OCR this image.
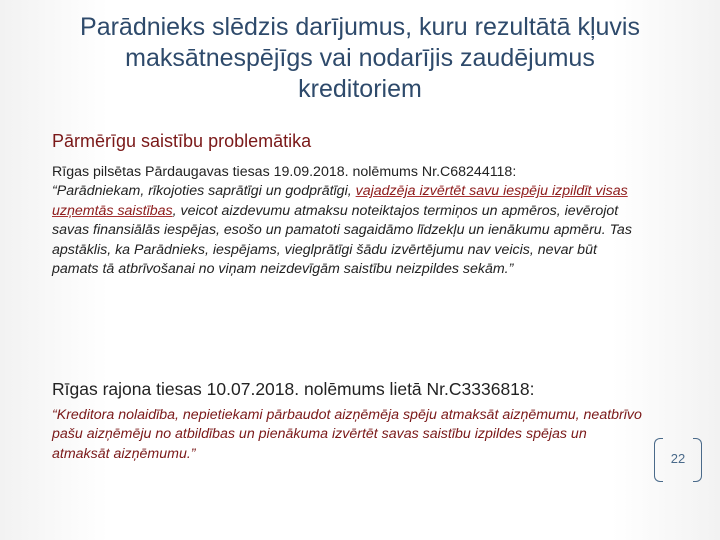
Parādnieks slēdzis darījumus, kuru rezultātā kļuvis maksātnespējīgs vai nodarījis zaudējumus kreditoriem
Pārmērīgu saistību problemātika
Rīgas pilsētas Pārdaugavas tiesas 19.09.2018. nolēmums Nr.C68244118:
“Parādniekam, rīkojoties saprātīgi un godprātīgi, vajadzēja izvērtēt savu iespēju izpildīt visas uzņemtās saistības, veicot aizdevumu atmaksu noteiktajos termiņos un apmēros, ievērojot savas finansiālās iespējas, esošo un pamatoti sagaidāmo līdzekļu un ienākumu apmēru. Tas apstāklis, ka Parādnieks, iespējams, vieglprātīgi šādu izvērtējumu nav veicis, nevar būt pamats tā atbrīvošanai no viņam neizdevīgām saistību neizpildes sekām.”
Rīgas rajona tiesas 10.07.2018. nolēmums lietā Nr.C3336818:
“Kreditora nolaidība, nepietiekami pārbaudot aizņēmēja spēju atmaksāt aizņēmumu, neatbrīvo pašu aizņēmēju no atbildības un pienākuma izvērtēt savas saistību izpildes spējas un atmaksāt aizņēmumu.”	22
